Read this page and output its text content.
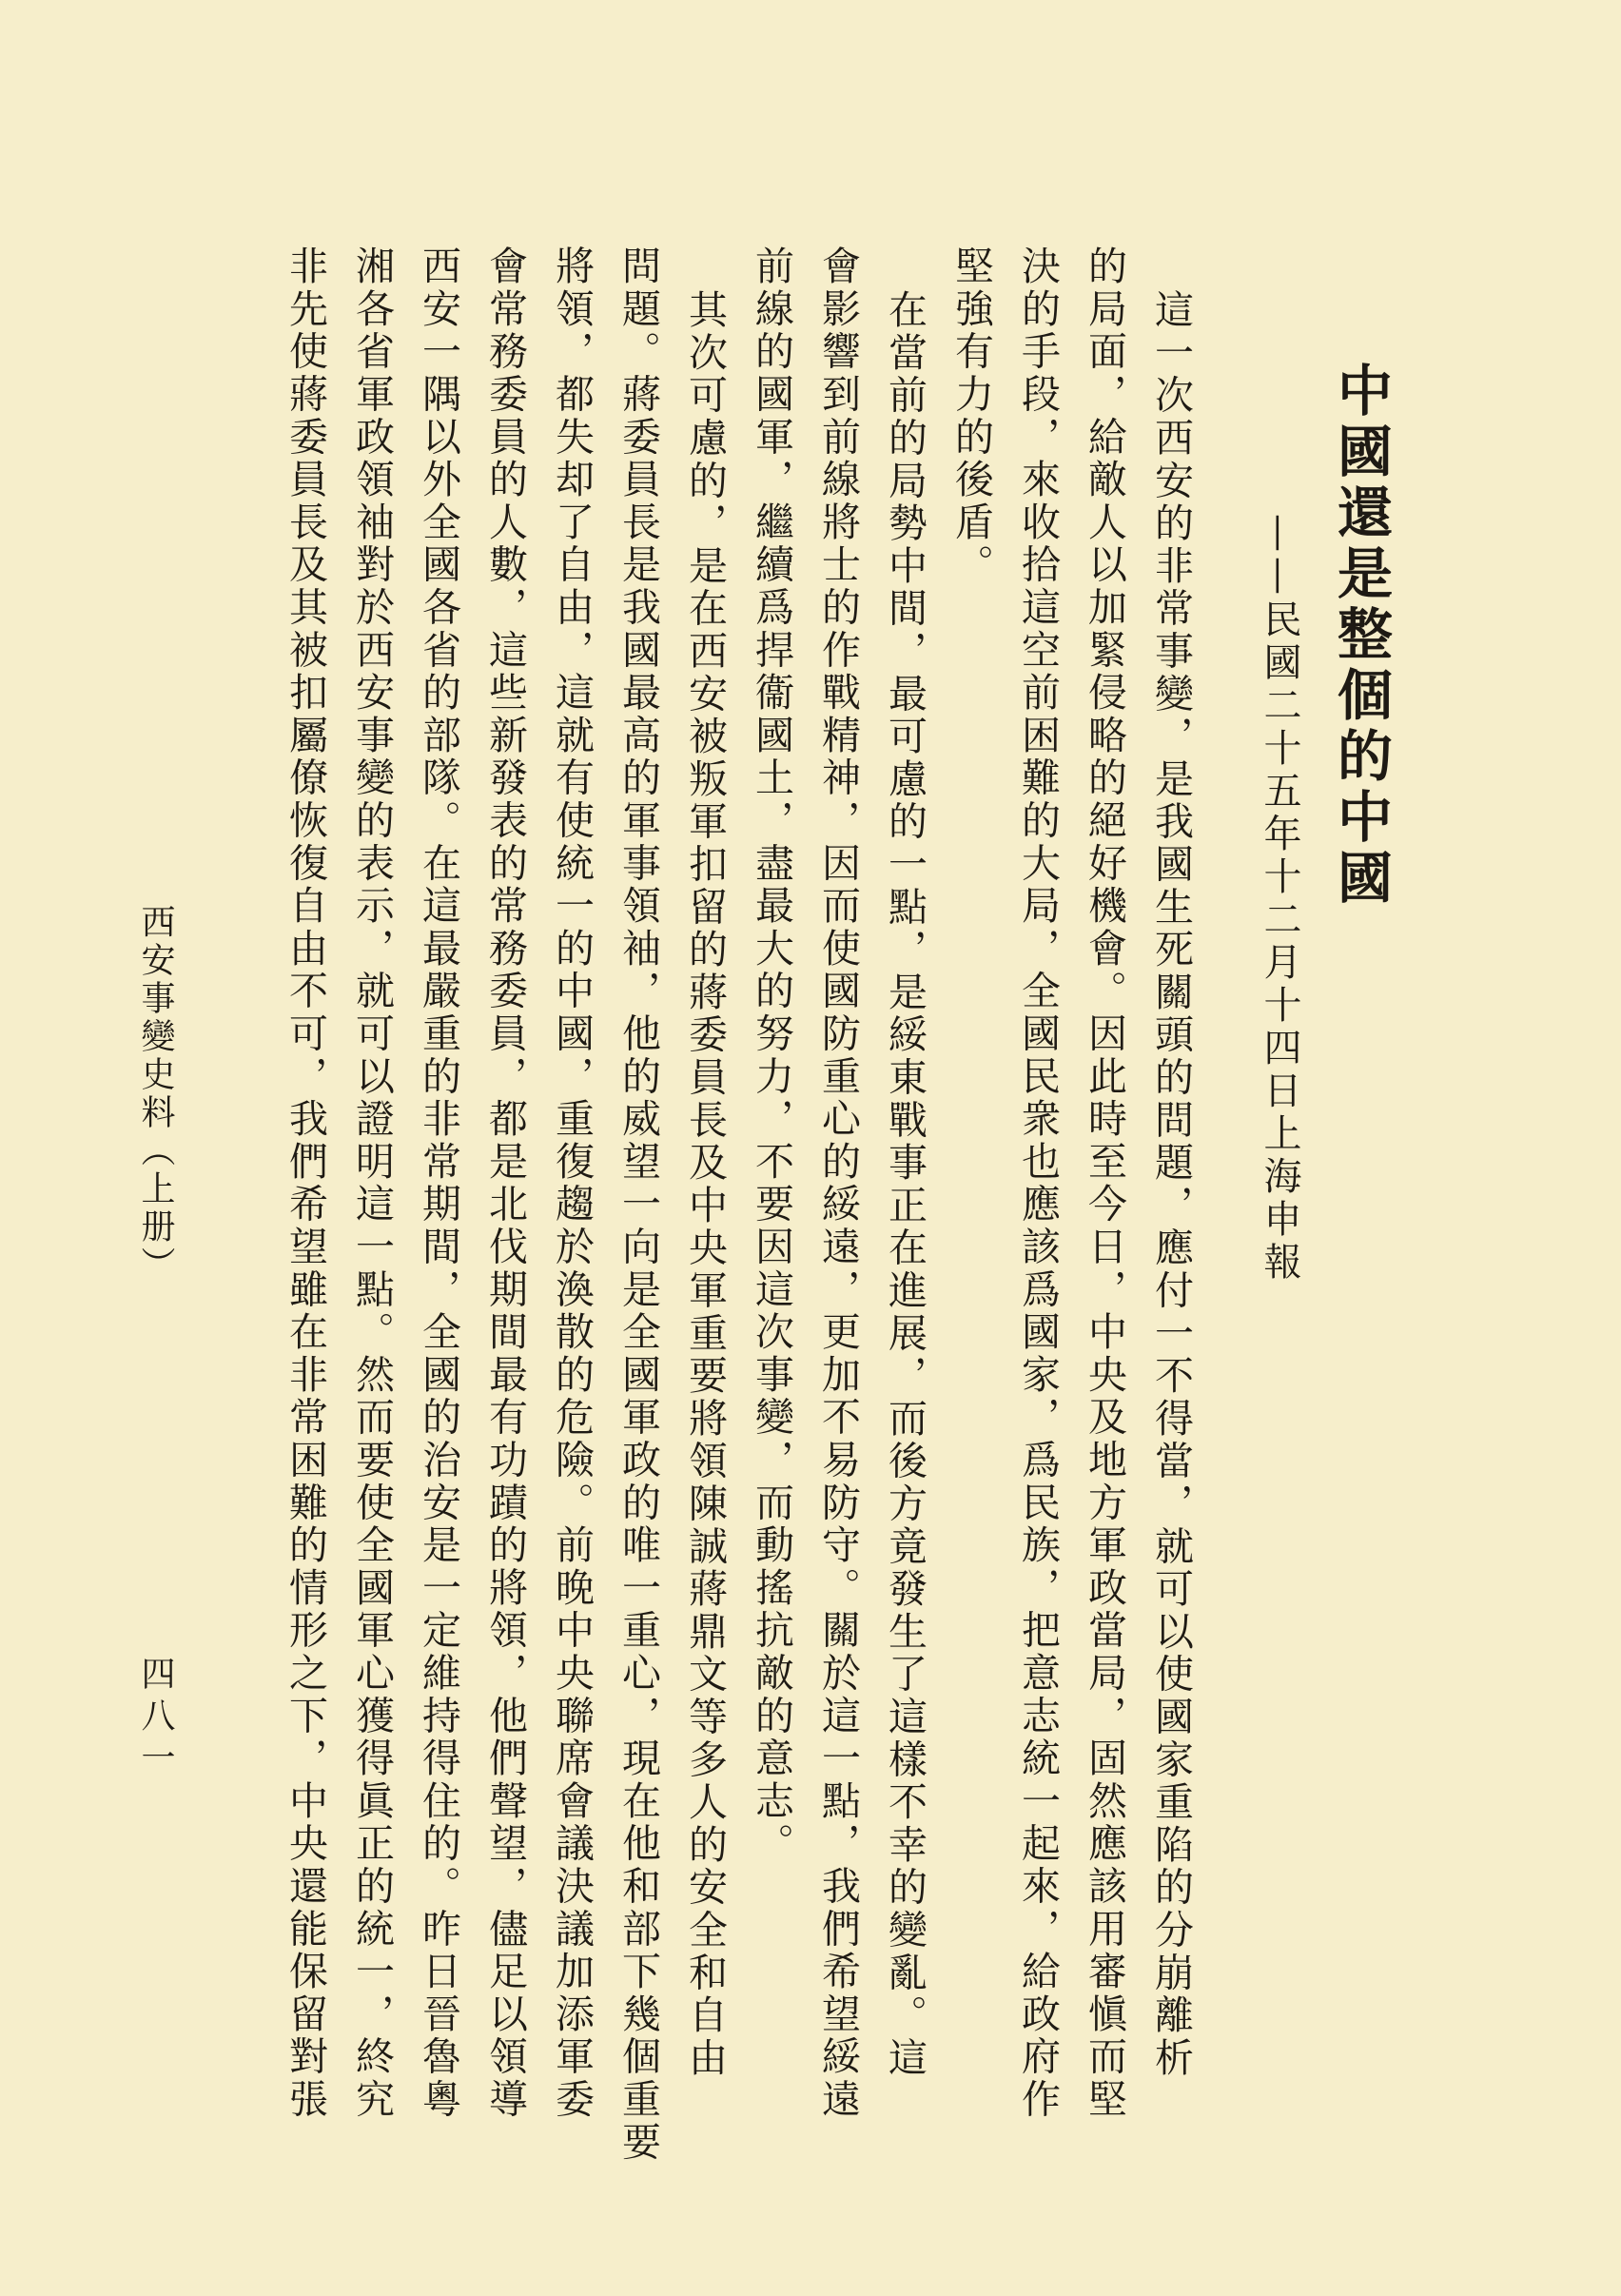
中國還是整個的中國
——民國二十五年十二月十四日上海申報
這一次西安的非常事變，是我國生死關頭的問題，應付一不得當，就可以使國家重陷的分崩離析
的局面，給敵人以加緊侵略的絕好機會。因此時至今日，中央及地方軍政當局，固然應該用審愼而堅
決的手段，來收拾這空前困難的大局，全國民衆也應該爲國家，爲民族，把意志統一起來，給政府作
堅強有力的後盾。
在當前的局勢中間，最可慮的一點，是綏東戰事正在進展，而後方竟發生了這樣不幸的變亂。這
會影響到前線將士的作戰精神，因而使國防重心的綏遠，更加不易防守。關於這一點，我們希望綏遠
前線的國軍，繼續爲捍衞國土，盡最大的努力，不要因這次事變，而動搖抗敵的意志。
其次可慮的，是在西安被叛軍扣留的蔣委員長及中央軍重要將領陳誠蔣鼎文等多人的安全和自由
問題。蔣委員長是我國最高的軍事領袖，他的威望一向是全國軍政的唯一重心，現在他和部下幾個重要
將領，都失却了自由，這就有使統一的中國，重復趨於渙散的危險。前晚中央聯席會議決議加添軍委
會常務委員的人數，這些新發表的常務委員，都是北伐期間最有功蹟的將領，他們聲望，儘足以領導
西安一隅以外全國各省的部隊。在這最嚴重的非常期間，全國的治安是一定維持得住的。昨日晉魯粵
湘各省軍政領袖對於西安事變的表示，就可以證明這一點。然而要使全國軍心獲得眞正的統一，終究
非先使蔣委員長及其被扣屬僚恢復自由不可，我們希望雖在非常困難的情形之下，中央還能保留對張
西安事變史料（上册）
四八一
